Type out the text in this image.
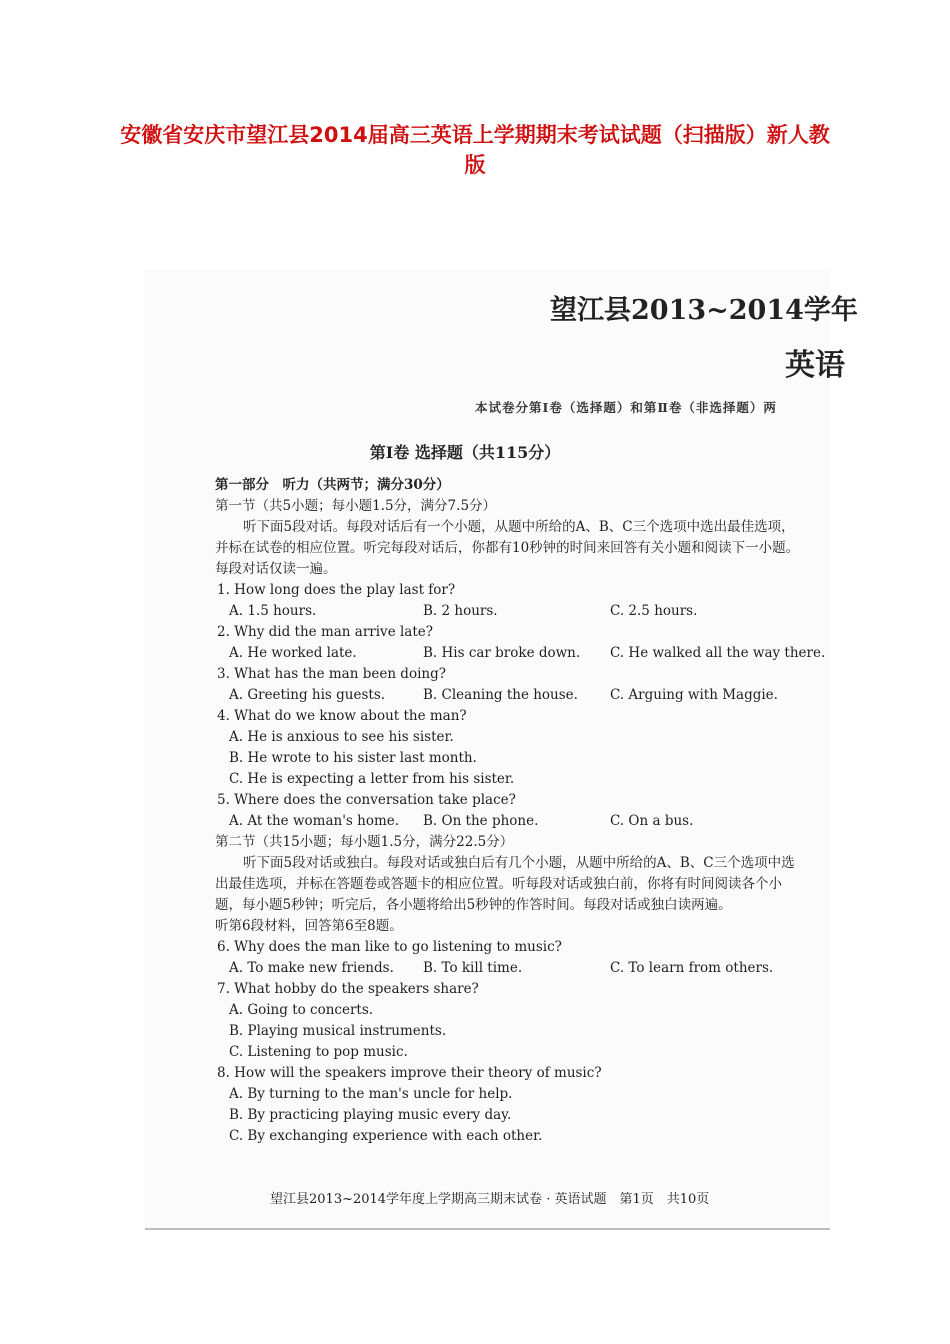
安徽省安庆市望江县2014届高三英语上学期期末考试试题（扫描版）新人教版
望江县2013~2014学年
英语
本试卷分第Ⅰ卷（选择题）和第Ⅱ卷（非选择题）两
第Ⅰ卷 选择题（共115分）
第一部分　听力（共两节；满分30分）
第一节（共5小题；每小题1.5分，满分7.5分）
听下面5段对话。每段对话后有一个小题，从题中所给的A、B、C三个选项中选出最佳选项，并标在试卷的相应位置。听完每段对话后，你都有10秒钟的时间来回答有关小题和阅读下一小题。每段对话仅读一遍。
1. How long does the play last for?
A. 1.5 hours.	B. 2 hours.	C. 2.5 hours.
2. Why did the man arrive late?
A. He worked late.	B. His car broke down. C. He walked all the way there.
3. What has the man been doing?
A. Greeting his guests.	B. Cleaning the house. C. Arguing with Maggie.
4. What do we know about the man?
A. He is anxious to see his sister.
B. He wrote to his sister last month.
C. He is expecting a letter from his sister.
5. Where does the conversation take place?
A. At the woman's home. B. On the phone.	C. On a bus.
第二节（共15小题；每小题1.5分，满分22.5分）
听下面5段对话或独白。每段对话或独白后有几个小题，从题中所给的A、B、C三个选项中选出最佳选项，并标在答题卷或答题卡的相应位置。听每段对话或独白前，你将有时间阅读各个小题，每小题5秒钟；听完后，各小题将给出5秒钟的作答时间。每段对话或独白读两遍。
听第6段材料，回答第6至8题。
6. Why does the man like to go listening to music?
A. To make new friends. B. To kill time.	C. To learn from others.
7. What hobby do the speakers share?
A. Going to concerts.
B. Playing musical instruments.
C. Listening to pop music.
8. How will the speakers improve their theory of music?
A. By turning to the man's uncle for help.
B. By practicing playing music every day.
C. By exchanging experience with each other.
望江县2013~2014学年度上学期高三期末试卷 · 英语试题　第1页　共10页
